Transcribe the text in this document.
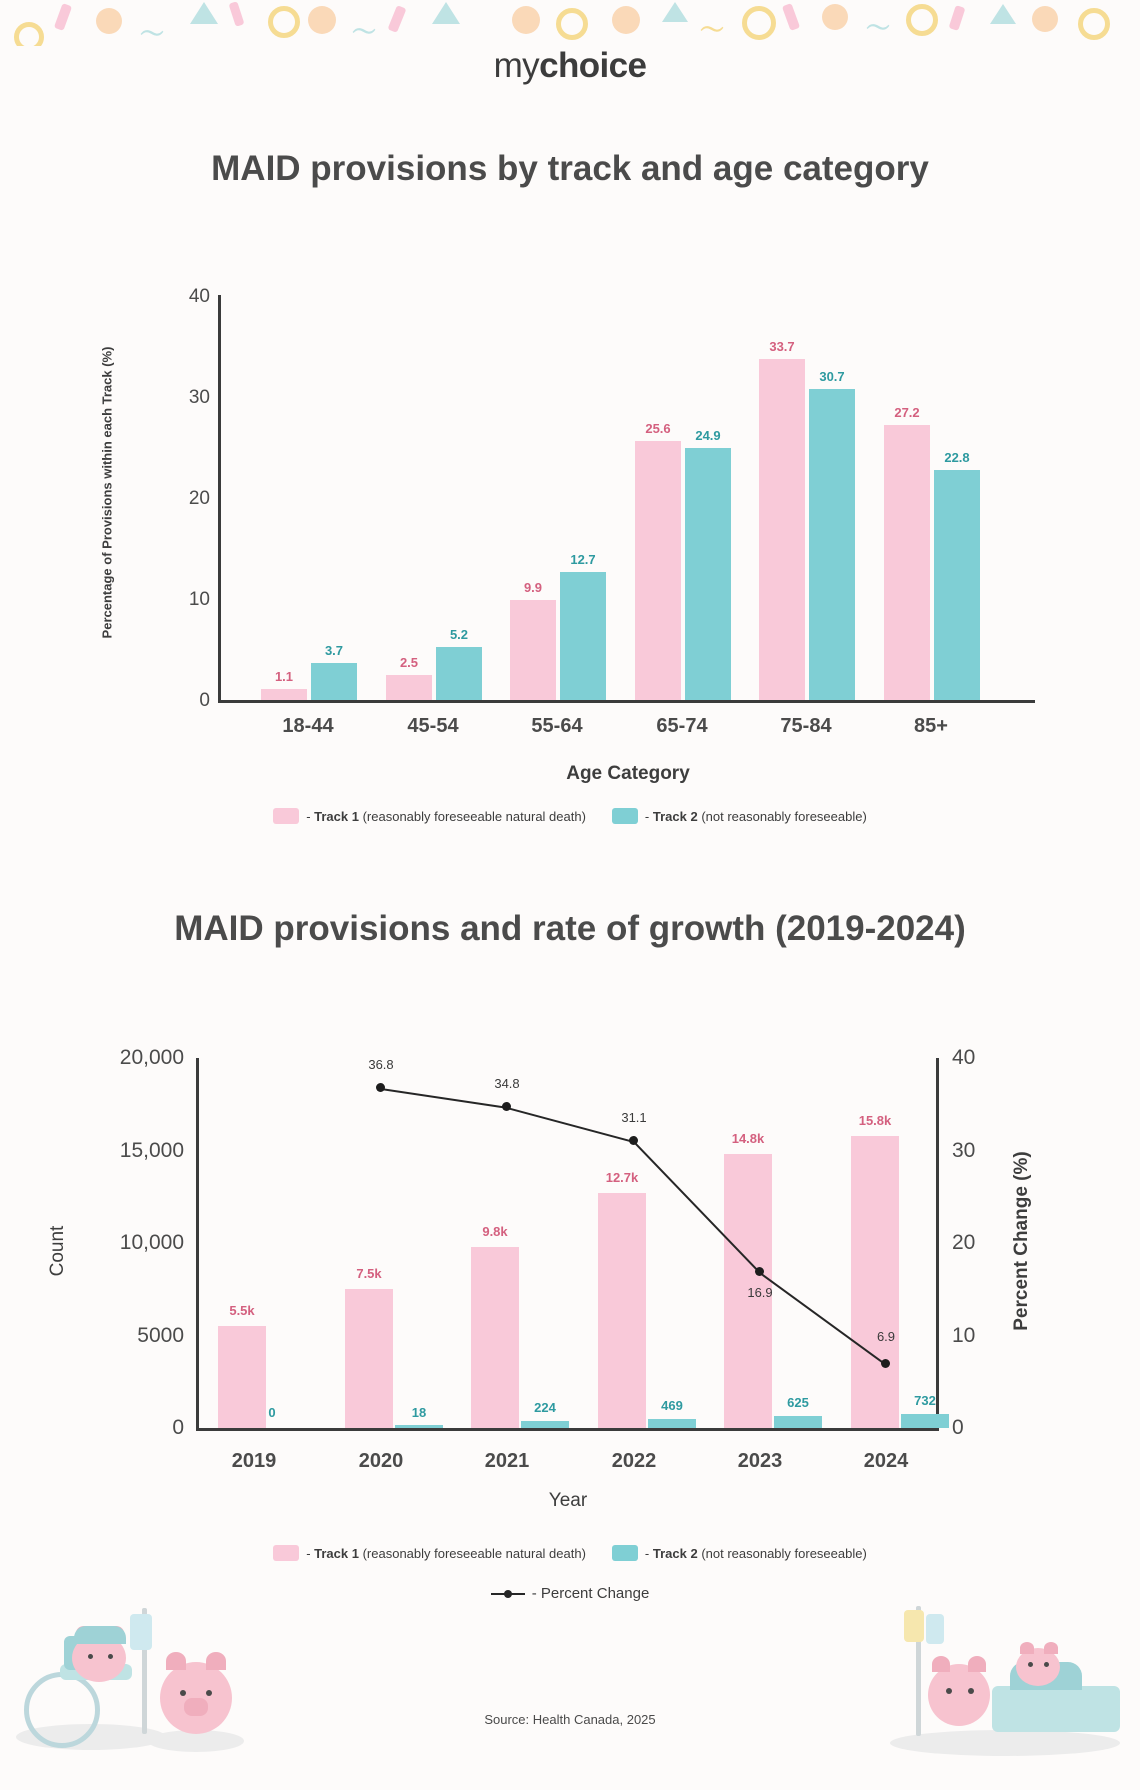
〜	〜	〜	〜
mychoice
MAID provisions by track and age category
40
30
20
10
0
Percentage of Provisions within each Track (%)
Age Category
1.1
3.7
2.5
5.2
9.9
12.7
25.6	24.9
33.7
30.7
27.2
22.8
18-44	45-54	55-64	65-74	75-84	85+
- Track 1 (reasonably foreseeable natural death)	- Track 2 (not reasonably foreseeable)
MAID provisions and rate of growth (2019-2024)
20,000
15,000
10,000
5000
0
40
30
20
10
0
Count	Percent Change (%)
Year
5.5k
0
7.5k
18
9.8k
224
12.7k
469
14.8k
625
15.8k
732
36.8
34.8
31.1
16.9
6.9
2019	2020	2021	2022	2023	2024
- Track 1 (reasonably foreseeable natural death)	- Track 2 (not reasonably foreseeable)
- Percent Change
Source: Health Canada, 2025
